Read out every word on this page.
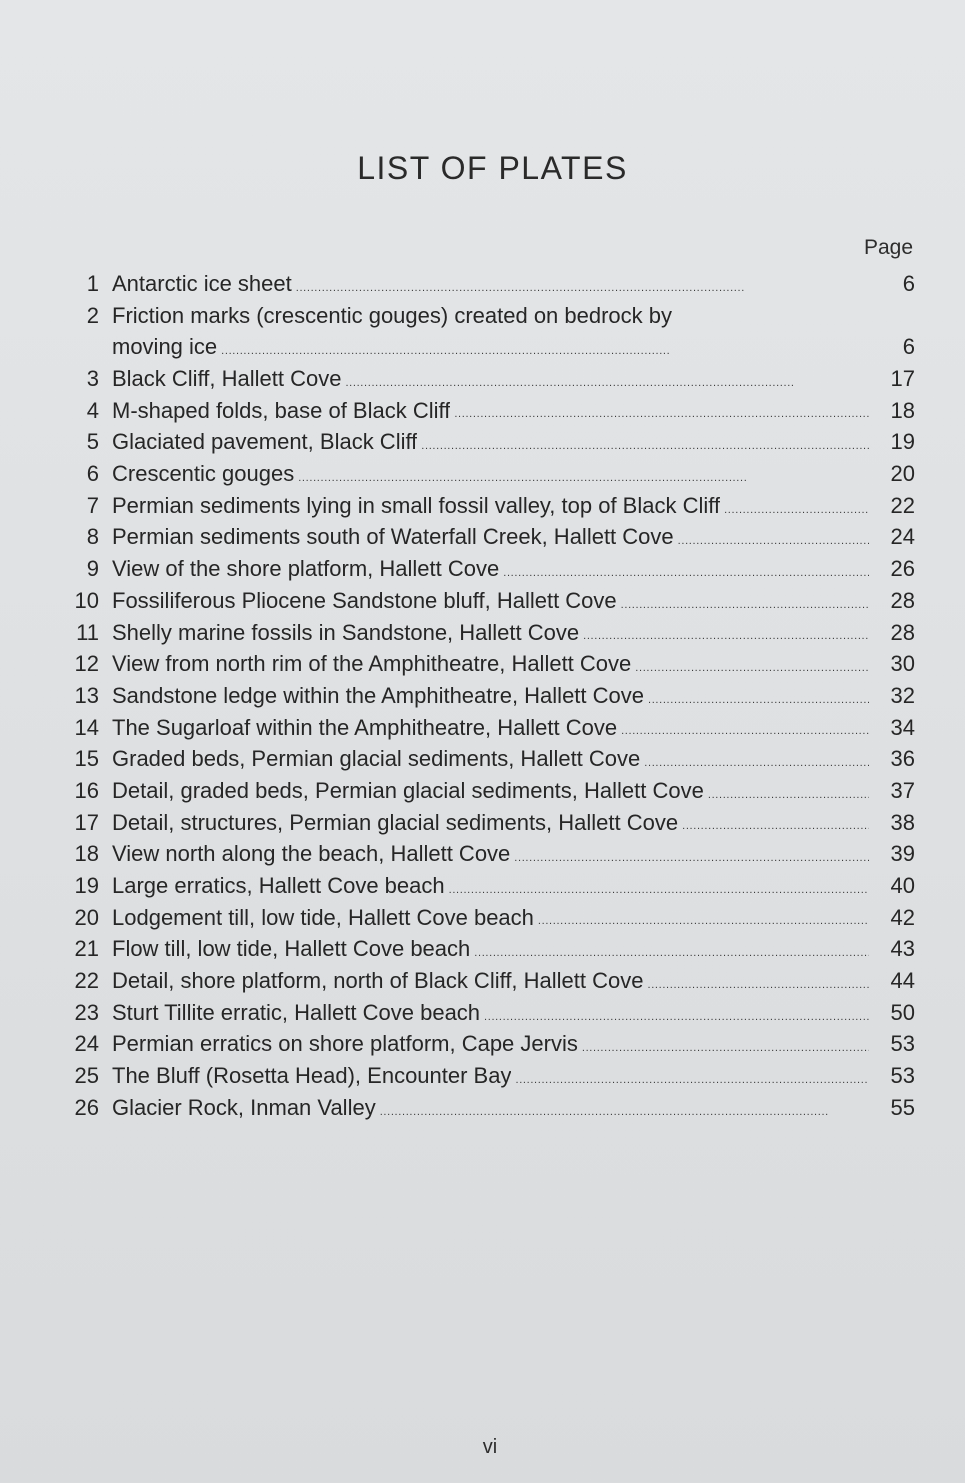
LIST OF PLATES
Page
1 Antarctic ice sheet . . .	6
2 Friction marks (crescentic gouges) created on bedrock by
moving ice . . .	6
3 Black Cliff, Hallett Cove . . .	17
4 M-shaped folds, base of Black Cliff . . .	18
5 Glaciated pavement, Black Cliff . . .	19
6 Crescentic gouges . . .	20
7 Permian sediments lying in small fossil valley, top of Black Cliff . . .	22
8 Permian sediments south of Waterfall Creek, Hallett Cove . . .	24
9 View of the shore platform, Hallett Cove . . .	26
10 Fossiliferous Pliocene Sandstone bluff, Hallett Cove . . .	28
11 Shelly marine fossils in Sandstone, Hallett Cove . . .	28
12 View from north rim of the Amphitheatre, Hallett Cove . . .	30
13 Sandstone ledge within the Amphitheatre, Hallett Cove . . .	32
14 The Sugarloaf within the Amphitheatre, Hallett Cove . . .	34
15 Graded beds, Permian glacial sediments, Hallett Cove . . .	36
16 Detail, graded beds, Permian glacial sediments, Hallett Cove . . .	37
17 Detail, structures, Permian glacial sediments, Hallett Cove . . .	38
18 View north along the beach, Hallett Cove . . .	39
19 Large erratics, Hallett Cove beach . . .	40
20 Lodgement till, low tide, Hallett Cove beach . . .	42
21 Flow till, low tide, Hallett Cove beach . . .	43
22 Detail, shore platform, north of Black Cliff, Hallett Cove . . .	44
23 Sturt Tillite erratic, Hallett Cove beach . . .	50
24 Permian erratics on shore platform, Cape Jervis . . .	53
25 The Bluff (Rosetta Head), Encounter Bay . . .	53
26 Glacier Rock, Inman Valley . . .	55
vi
